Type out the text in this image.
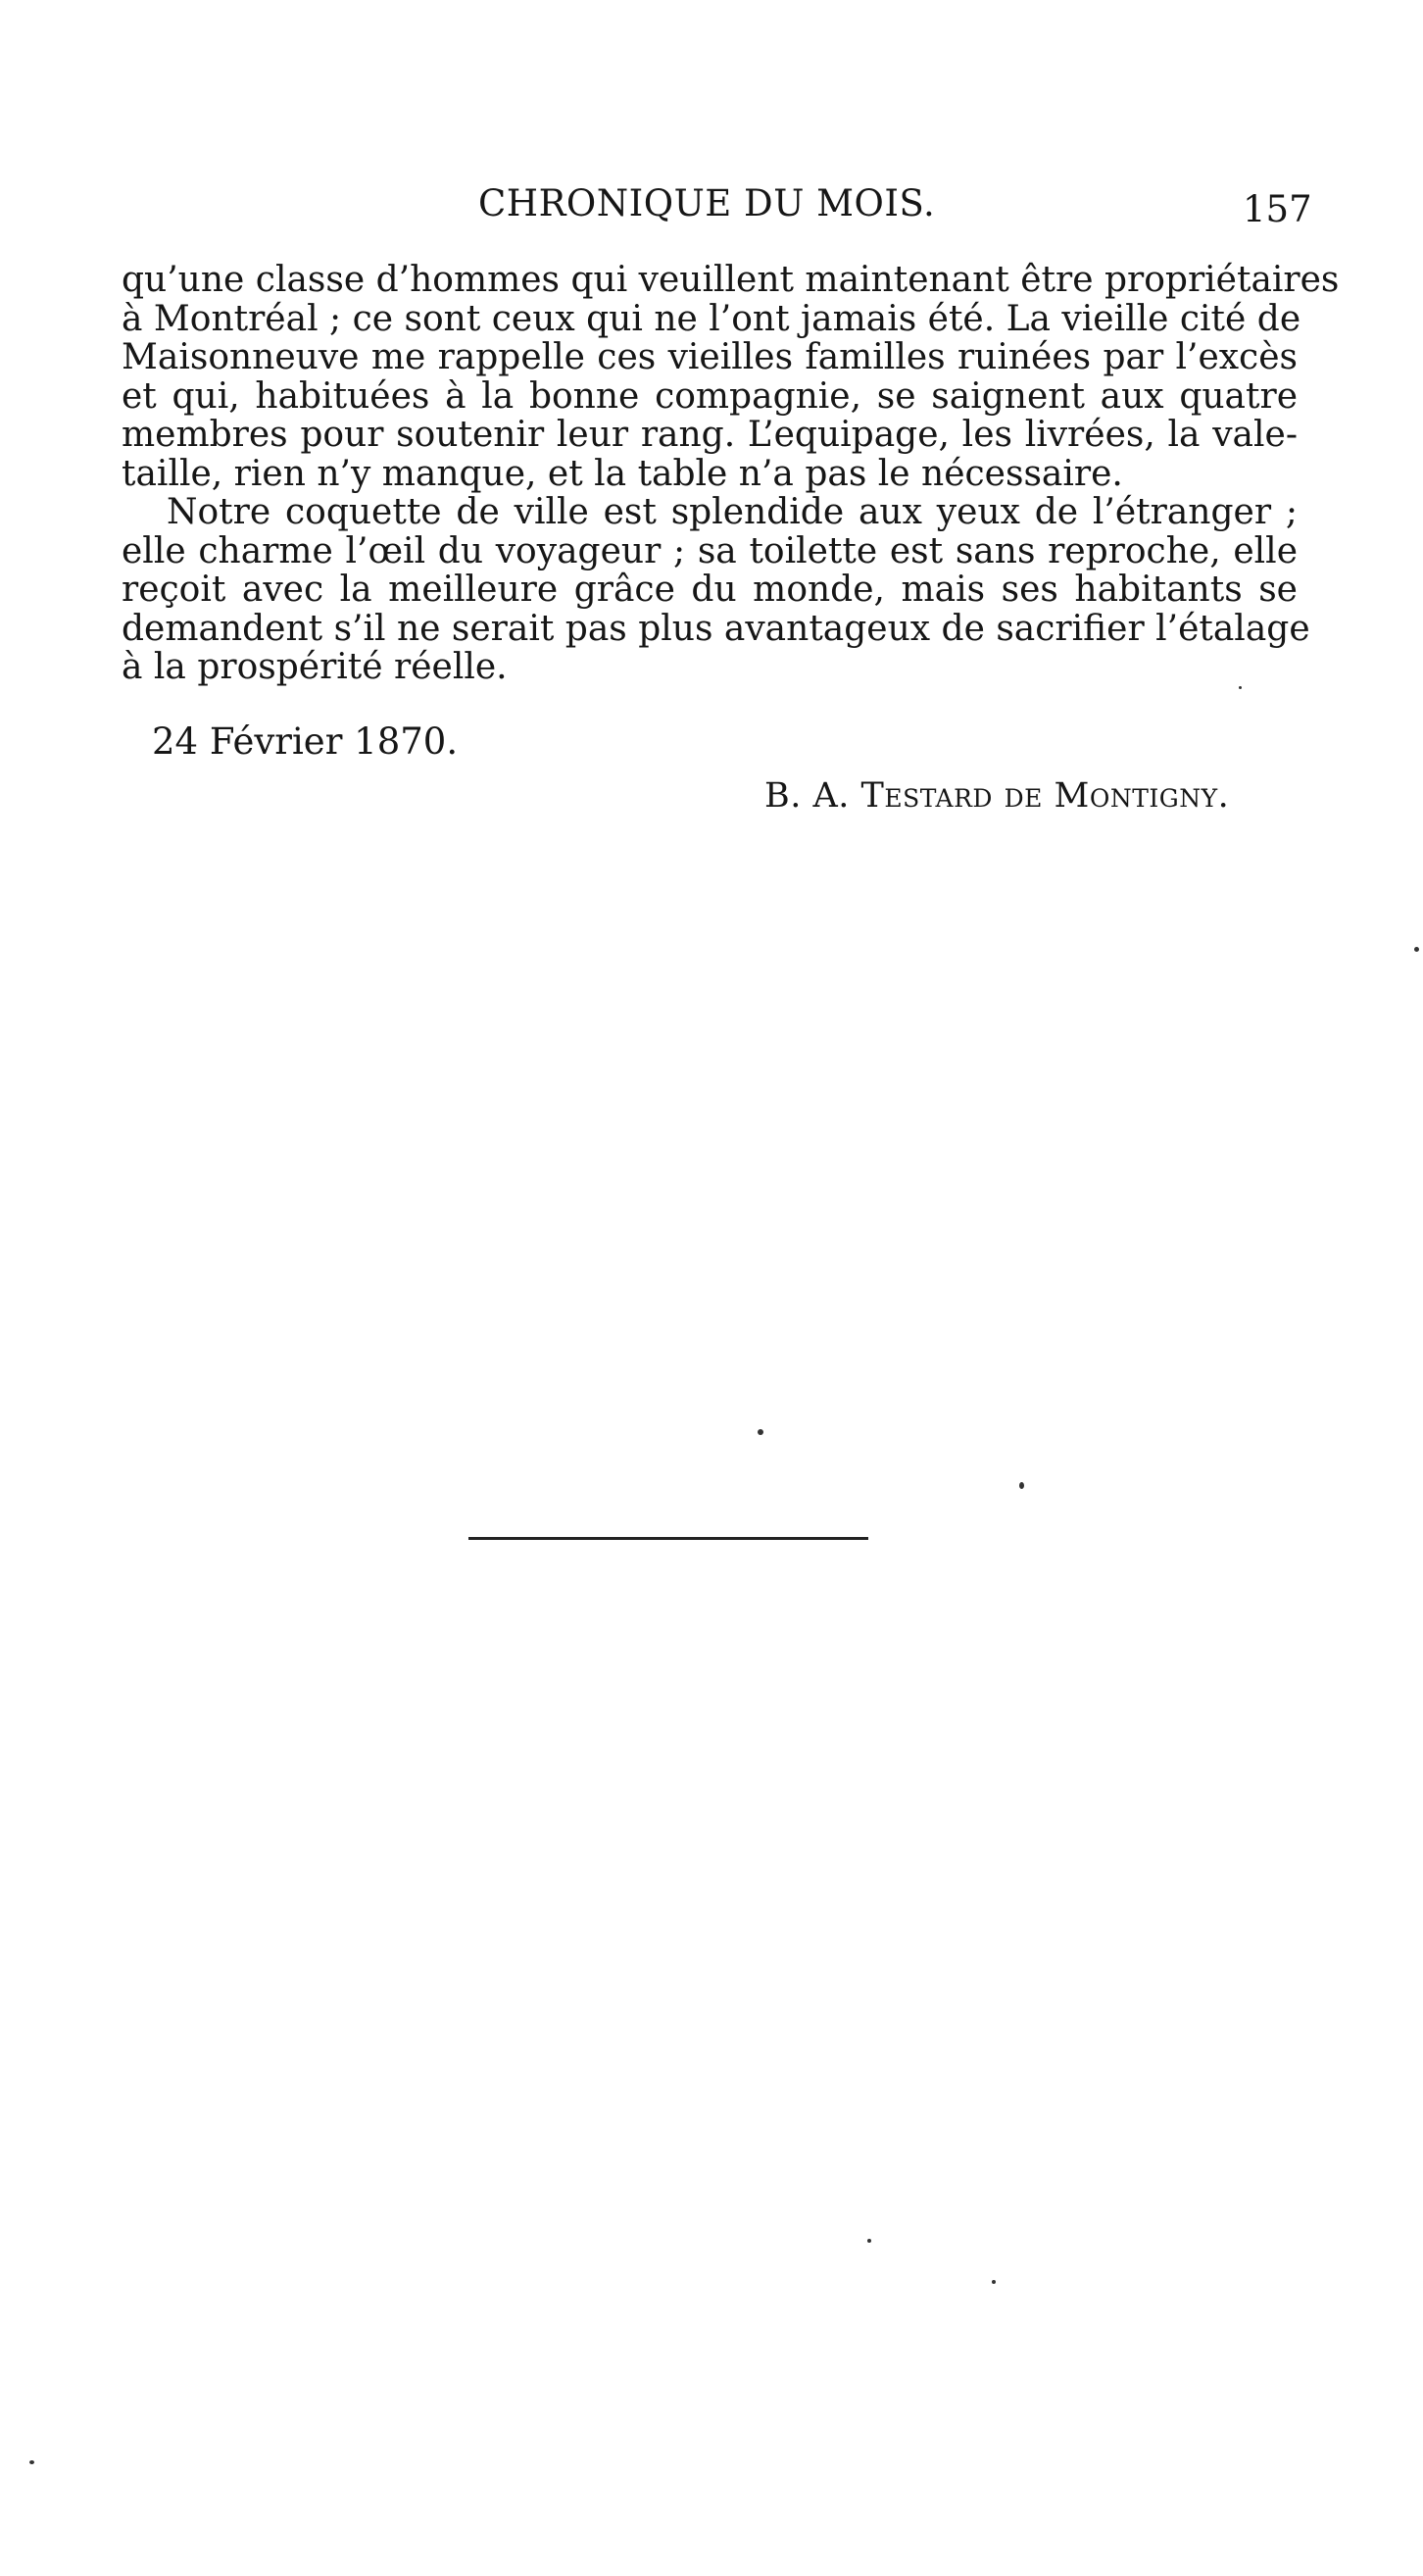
CHRONIQUE DU MOIS.	157
qu’une classe d’hommes qui veuillent maintenant être propriétaires
à Montréal ; ce sont ceux qui ne l’ont jamais été. La vieille cité de
Maisonneuve me rappelle ces vieilles familles ruinées par l’excès
et qui, habituées à la bonne compagnie, se saignent aux quatre
membres pour soutenir leur rang. L’equipage, les livrées, la vale-
taille, rien n’y manque, et la table n’a pas le nécessaire.
Notre coquette de ville est splendide aux yeux de l’étranger ;
elle charme l’œil du voyageur ; sa toilette est sans reproche, elle
reçoit avec la meilleure grâce du monde, mais ses habitants se
demandent s’il ne serait pas plus avantageux de sacrifier l’étalage
à la prospérité réelle.
24 Février 1870.
B. A. Testard de Montigny.
